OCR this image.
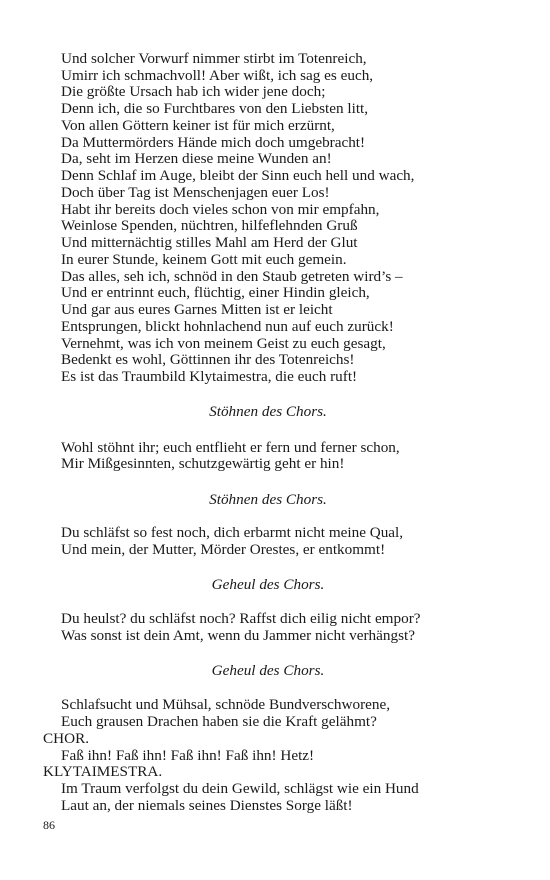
Und solcher Vorwurf nimmer stirbt im Totenreich,
Umirr ich schmachvoll! Aber wißt, ich sag es euch,
Die größte Ursach hab ich wider jene doch;
Denn ich, die so Furchtbares von den Liebsten litt,
Von allen Göttern keiner ist für mich erzürnt,
Da Muttermörders Hände mich doch umgebracht!
Da, seht im Herzen diese meine Wunden an!
Denn Schlaf im Auge, bleibt der Sinn euch hell und wach,
Doch über Tag ist Menschenjagen euer Los!
Habt ihr bereits doch vieles schon von mir empfahn,
Weinlose Spenden, nüchtren, hilfeflehnden Gruß
Und mitternächtig stilles Mahl am Herd der Glut
In eurer Stunde, keinem Gott mit euch gemein.
Das alles, seh ich, schnöd in den Staub getreten wird’s –
Und er entrinnt euch, flüchtig, einer Hindin gleich,
Und gar aus eures Garnes Mitten ist er leicht
Entsprungen, blickt hohnlachend nun auf euch zurück!
Vernehmt, was ich von meinem Geist zu euch gesagt,
Bedenkt es wohl, Göttinnen ihr des Totenreichs!
Es ist das Traumbild Klytaimestra, die euch ruft!
Stöhnen des Chors.
Wohl stöhnt ihr; euch entflieht er fern und ferner schon,
Mir Mißgesinnten, schutzgewärtig geht er hin!
Stöhnen des Chors.
Du schläfst so fest noch, dich erbarmt nicht meine Qual,
Und mein, der Mutter, Mörder Orestes, er entkommt!
Geheul des Chors.
Du heulst? du schläfst noch? Raffst dich eilig nicht empor?
Was sonst ist dein Amt, wenn du Jammer nicht verhängst?
Geheul des Chors.
Schlafsucht und Mühsal, schnöde Bundverschworene,
Euch grausen Drachen haben sie die Kraft gelähmt?
CHOR.
Faß ihn! Faß ihn! Faß ihn! Faß ihn! Hetz!
KLYTAIMESTRA.
Im Traum verfolgst du dein Gewild, schlägst wie ein Hund
Laut an, der niemals seines Dienstes Sorge läßt!
86
